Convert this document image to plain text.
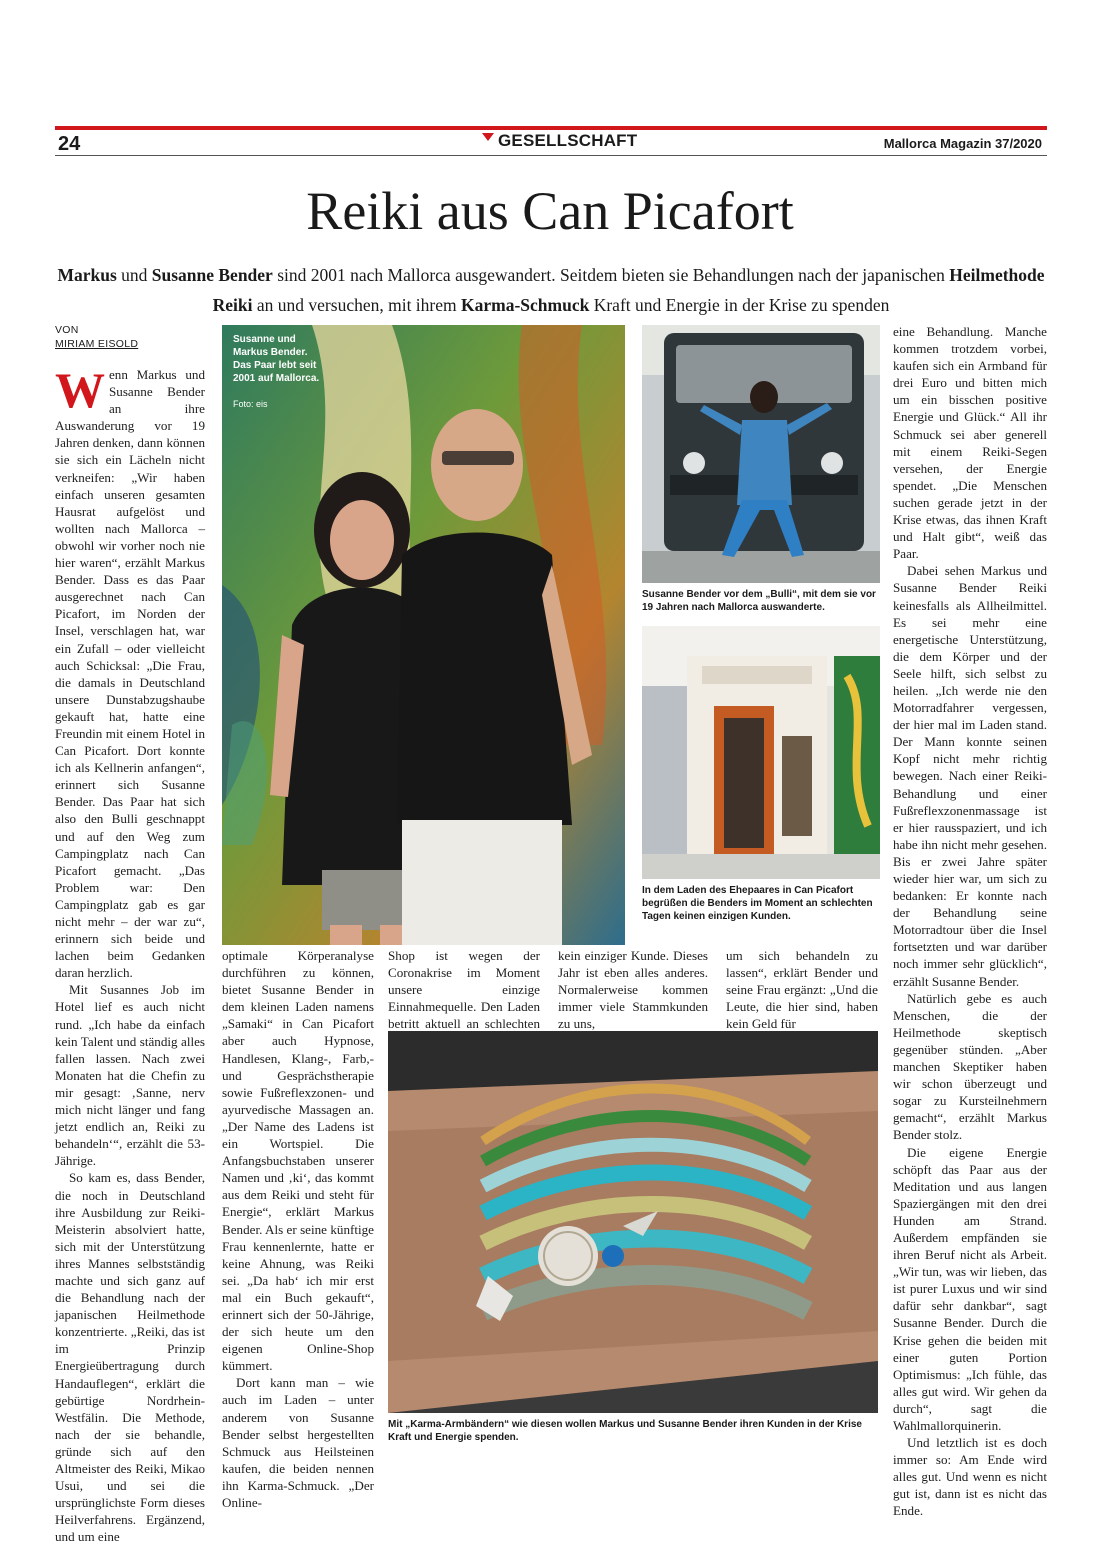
24	GESELLSCHAFT	Mallorca Magazin 37/2020
Reiki aus Can Picafort
Markus und Susanne Bender sind 2001 nach Mallorca ausgewandert. Seitdem bieten sie Behandlungen nach der japanischen Heilmethode Reiki an und versuchen, mit ihrem Karma-Schmuck Kraft und Energie in der Krise zu spenden
VON
MIRIAM EISOLD

Wenn Markus und Susanne Bender an ihre Auswanderung vor 19 Jahren denken, dann können sie sich ein Lächeln nicht verkneifen: „Wir haben einfach unseren gesamten Hausrat aufgelöst und wollten nach Mallorca – obwohl wir vorher noch nie hier waren“, erzählt Markus Bender. Dass es das Paar ausgerechnet nach Can Picafort, im Norden der Insel, verschlagen hat, war ein Zufall – oder vielleicht auch Schicksal: „Die Frau, die damals in Deutschland unsere Dunstabzugshaube gekauft hat, hatte eine Freundin mit einem Hotel in Can Picafort. Dort konnte ich als Kellnerin anfangen“, erinnert sich Susanne Bender. Das Paar hat sich also den Bulli geschnappt und auf den Weg zum Campingplatz nach Can Picafort gemacht. „Das Problem war: Den Campingplatz gab es gar nicht mehr – der war zu“, erinnern sich beide und lachen beim Gedanken daran herzlich.

Mit Susannes Job im Hotel lief es auch nicht rund. „Ich habe da einfach kein Talent und ständig alles fallen lassen. Nach zwei Monaten hat die Chefin zu mir gesagt: ‚Sanne, nerv mich nicht länger und fang jetzt endlich an, Reiki zu behandeln‘“, erzählt die 53-Jährige.

So kam es, dass Bender, die noch in Deutschland ihre Ausbildung zur Reiki-Meisterin absolviert hatte, sich mit der Unterstützung ihres Mannes selbstständig machte und sich ganz auf die Behandlung nach der japanischen Heilmethode konzentrierte. „Reiki, das ist im Prinzip Energieübertragung durch Handauflegen“, erklärt die gebürtige Nordrhein-Westfälin. Die Methode, nach der sie behandle, gründe sich auf den Altmeister des Reiki, Mikao Usui, und sei die ursprünglichste Form dieses Heilverfahrens. Ergänzend, und um eine

Susanne und Markus Bender. Das Paar lebt seit 2001 auf Mallorca.
Foto: eis
Susanne Bender vor dem „Bulli“, mit dem sie vor 19 Jahren nach Mallorca auswanderte.
In dem Laden des Ehepaares in Can Picafort begrüßen die Benders im Moment an schlechten Tagen keinen einzigen Kunden.

optimale Körperanalyse durchführen zu können, bietet Susanne Bender in dem kleinen Laden namens „Samaki“ in Can Picafort aber auch Hypnose, Handlesen, Klang-, Farb,- und Gesprächstherapie sowie Fußreflexzonen- und ayurvedische Massagen an. „Der Name des Ladens ist ein Wortspiel. Die Anfangsbuchstaben unserer Namen und ‚ki‘, das kommt aus dem Reiki und steht für Energie“, erklärt Markus Bender. Als er seine künftige Frau kennenlernte, hatte er keine Ahnung, was Reiki sei. „Da hab‘ ich mir erst mal ein Buch gekauft“, erinnert sich der 50-Jährige, der sich heute um den eigenen Online-Shop kümmert.

Dort kann man – wie auch im Laden – unter anderem von Susanne Bender selbst hergestellten Schmuck aus Heilsteinen kaufen, die beiden nennen ihn Karma-Schmuck. „Der Online-

Shop ist wegen der Coronakrise im Moment unsere einzige Einnahmequelle. Den Laden betritt aktuell an schlechten

kein einziger Kunde. Dieses Jahr ist eben alles anderes. Normalerweise kommen immer viele Stammkunden zu uns,

um sich behandeln zu lassen“, erklärt Bender und seine Frau ergänzt: „Und die Leute, die hier sind, haben kein Geld für

Mit „Karma-Armbändern“ wie diesen wollen Markus und Susanne Bender ihren Kunden in der Krise Kraft und Energie spenden.

eine Behandlung. Manche kommen trotzdem vorbei, kaufen sich ein Armband für drei Euro und bitten mich um ein bisschen positive Energie und Glück.“ All ihr Schmuck sei aber generell mit einem Reiki-Segen versehen, der Energie spendet. „Die Menschen suchen gerade jetzt in der Krise etwas, das ihnen Kraft und Halt gibt“, weiß das Paar.

Dabei sehen Markus und Susanne Bender Reiki keinesfalls als Allheilmittel. Es sei mehr eine energetische Unterstützung, die dem Körper und der Seele hilft, sich selbst zu heilen. „Ich werde nie den Motorradfahrer vergessen, der hier mal im Laden stand. Der Mann konnte seinen Kopf nicht mehr richtig bewegen. Nach einer Reiki-Behandlung und einer Fußreflexzonenmassage ist er hier rausspaziert, und ich habe ihn nicht mehr gesehen. Bis er zwei Jahre später wieder hier war, um sich zu bedanken: Er konnte nach der Behandlung seine Motorradtour über die Insel fortsetzten und war darüber noch immer sehr glücklich“, erzählt Susanne Bender.

Natürlich gebe es auch Menschen, die der Heilmethode skeptisch gegenüber stünden. „Aber manchen Skeptiker haben wir schon überzeugt und sogar zu Kursteilnehmern gemacht“, erzählt Markus Bender stolz.

Die eigene Energie schöpft das Paar aus der Meditation und aus langen Spaziergängen mit den drei Hunden am Strand. Außerdem empfänden sie ihren Beruf nicht als Arbeit. „Wir tun, was wir lieben, das ist purer Luxus und wir sind dafür sehr dankbar“, sagt Susanne Bender. Durch die Krise gehen die beiden mit einer guten Portion Optimismus: „Ich fühle, das alles gut wird. Wir gehen da durch“, sagt die Wahlmallorquinerin.

Und letztlich ist es doch immer so: Am Ende wird alles gut. Und wenn es nicht gut ist, dann ist es nicht das Ende.
